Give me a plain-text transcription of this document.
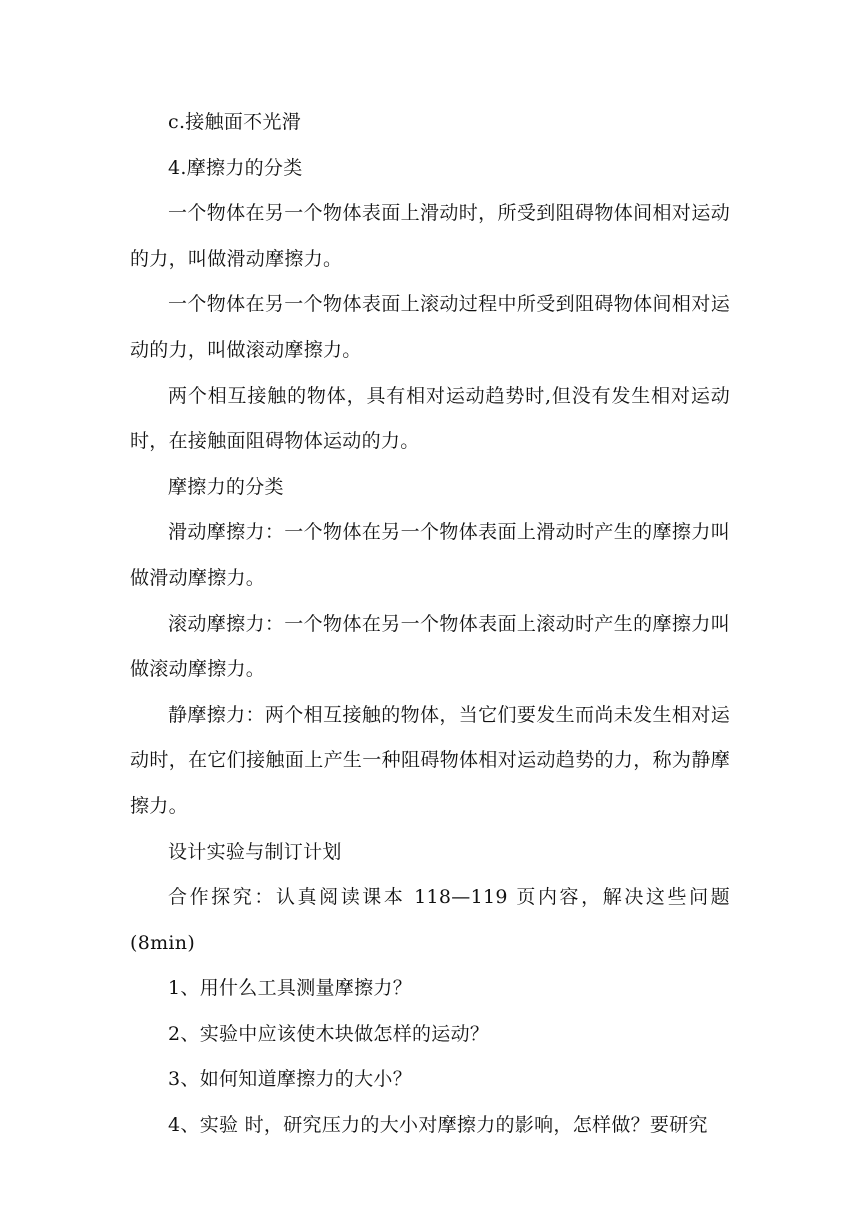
c.接触面不光滑

4.摩擦力的分类

一个物体在另一个物体表面上滑动时，所受到阻碍物体间相对运动的力，叫做滑动摩擦力。

一个物体在另一个物体表面上滚动过程中所受到阻碍物体间相对运动的力，叫做滚动摩擦力。

两个相互接触的物体，具有相对运动趋势时,但没有发生相对运动时，在接触面阻碍物体运动的力。

摩擦力的分类

滑动摩擦力：一个物体在另一个物体表面上滑动时产生的摩擦力叫做滑动摩擦力。

滚动摩擦力：一个物体在另一个物体表面上滚动时产生的摩擦力叫做滚动摩擦力。

静摩擦力：两个相互接触的物体，当它们要发生而尚未发生相对运动时，在它们接触面上产生一种阻碍物体相对运动趋势的力，称为静摩擦力。

设计实验与制订计划

合作探究：认真阅读课本 118—119 页内容，解决这些问题(8min)

1、用什么工具测量摩擦力？

2、实验中应该使木块做怎样的运动？

3、如何知道摩擦力的大小？

4、实验 时，研究压力的大小对摩擦力的影响，怎样做？要研究
